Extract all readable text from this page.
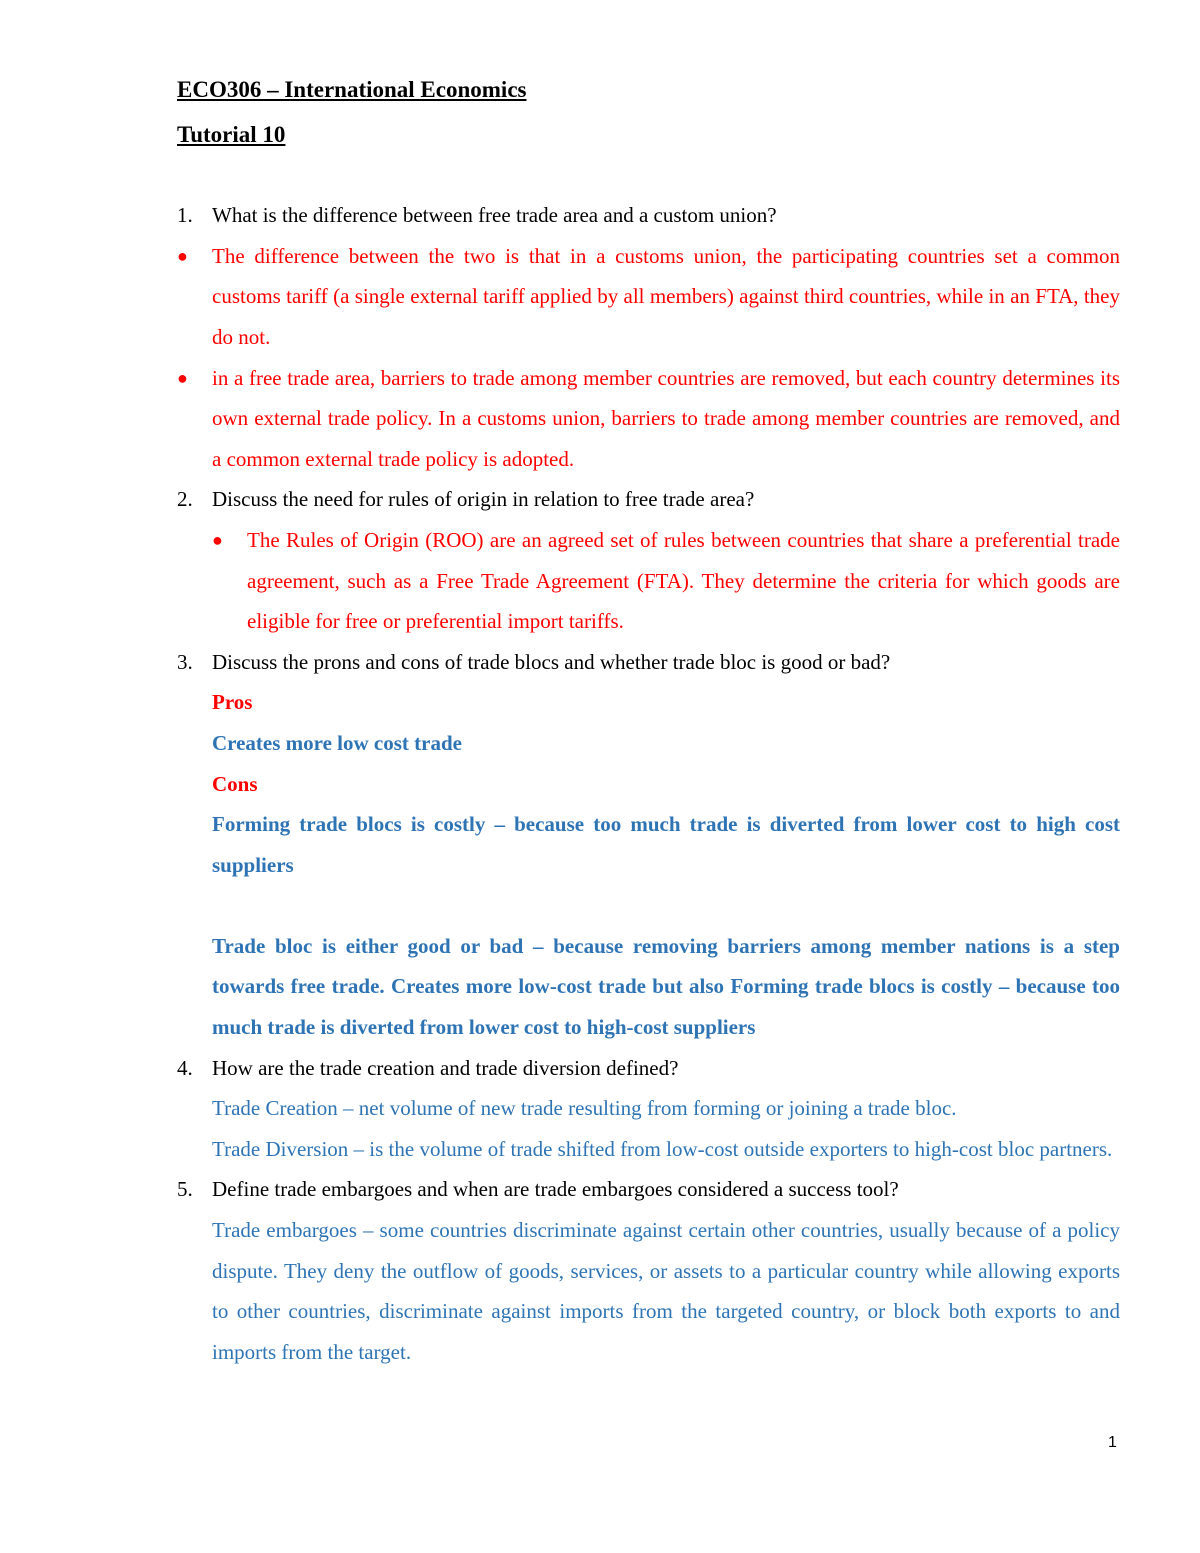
ECO306 – International Economics
Tutorial 10
1. What is the difference between free trade area and a custom union?
●	The difference between the two is that in a customs union, the participating countries set a common customs tariff (a single external tariff applied by all members) against third countries, while in an FTA, they do not.
●	in a free trade area, barriers to trade among member countries are removed, but each country determines its own external trade policy. In a customs union, barriers to trade among member countries are removed, and a common external trade policy is adopted.
2. Discuss the need for rules of origin in relation to free trade area?
●	The Rules of Origin (ROO) are an agreed set of rules between countries that share a preferential trade agreement, such as a Free Trade Agreement (FTA). They determine the criteria for which goods are eligible for free or preferential import tariffs.
3. Discuss the prons and cons of trade blocs and whether trade bloc is good or bad?
Pros
Creates more low cost trade
Cons
Forming trade blocs is costly – because too much trade is diverted from lower cost to high cost suppliers
Trade bloc is either good or bad – because removing barriers among member nations is a step towards free trade. Creates more low-cost trade but also Forming trade blocs is costly – because too much trade is diverted from lower cost to high-cost suppliers
4. How are the trade creation and trade diversion defined?
Trade Creation – net volume of new trade resulting from forming or joining a trade bloc.
Trade Diversion – is the volume of trade shifted from low-cost outside exporters to high-cost bloc partners.
5. Define trade embargoes and when are trade embargoes considered a success tool?
Trade embargoes – some countries discriminate against certain other countries, usually because of a policy dispute. They deny the outflow of goods, services, or assets to a particular country while allowing exports to other countries, discriminate against imports from the targeted country, or block both exports to and imports from the target.
1
